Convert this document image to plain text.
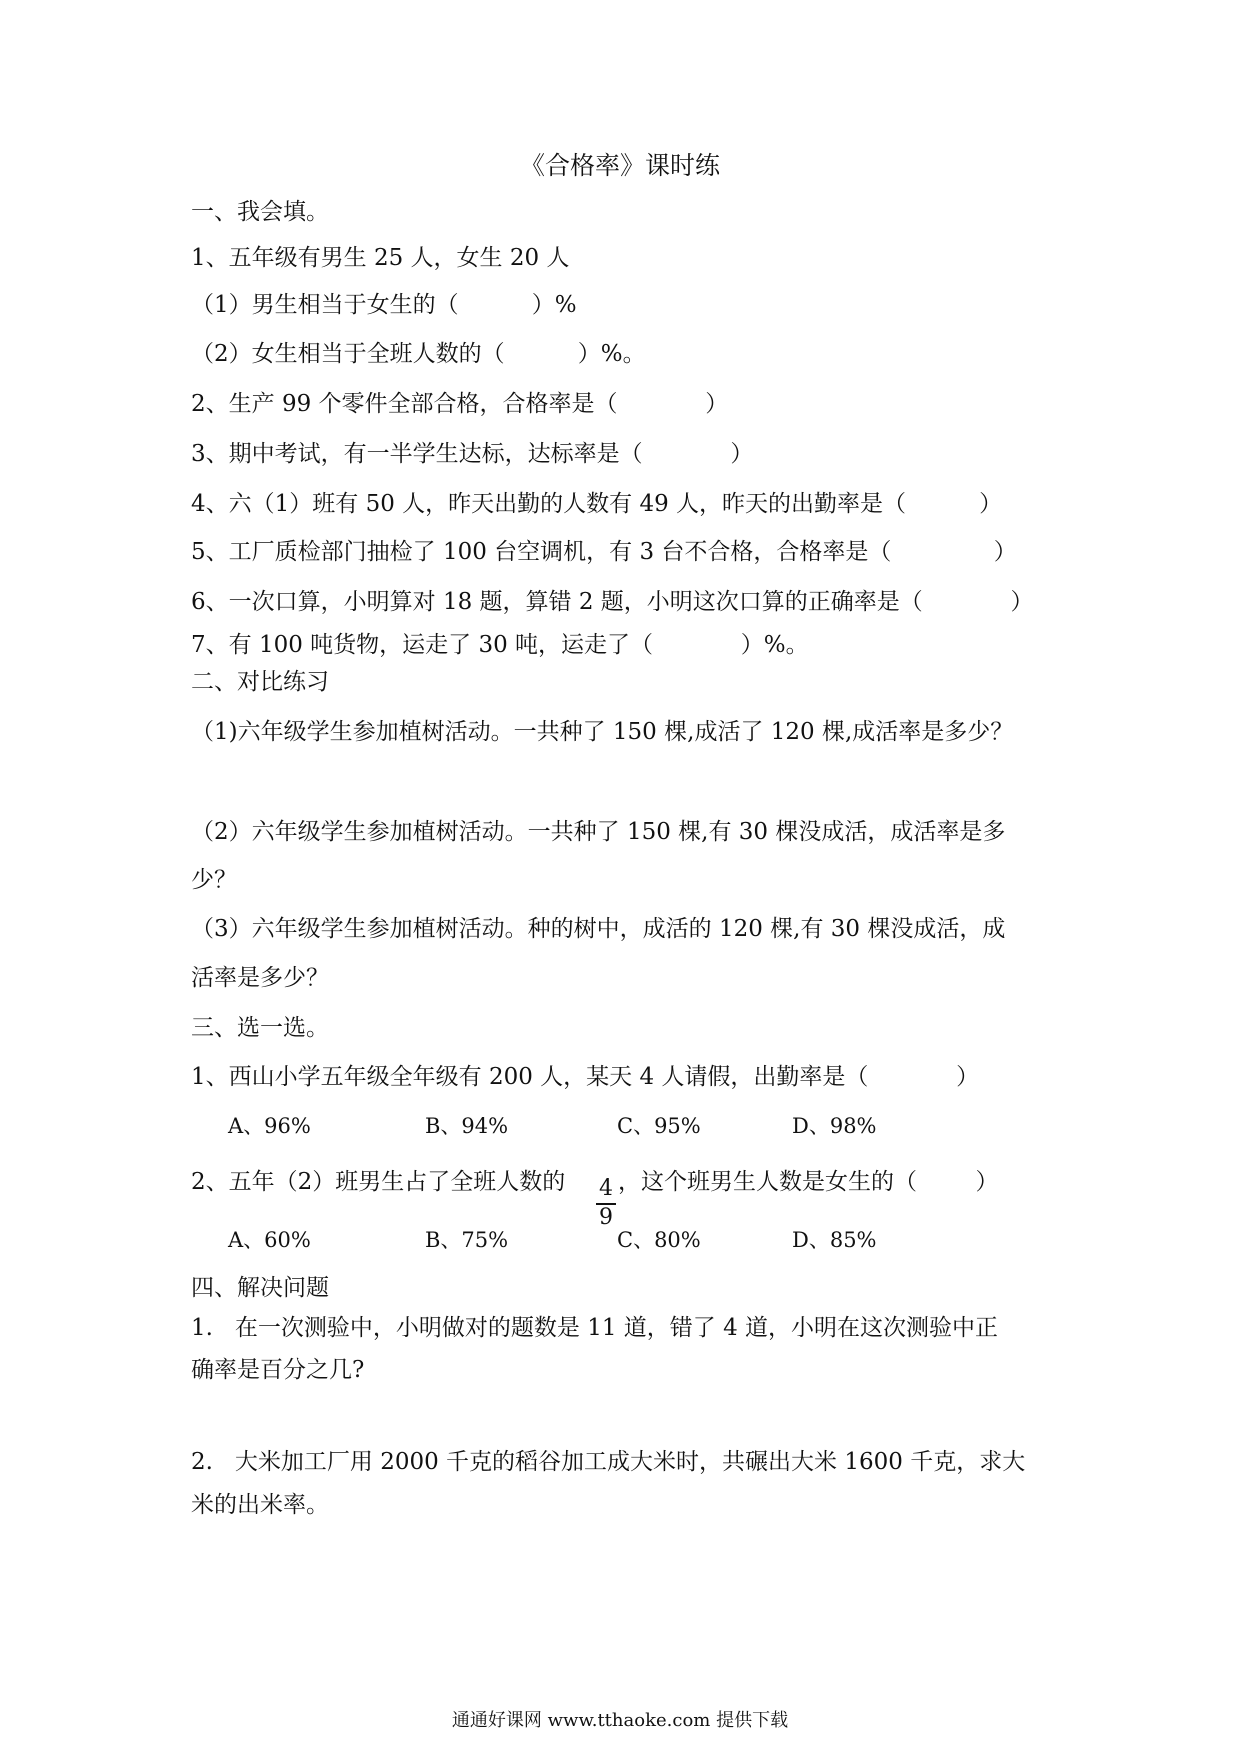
《合格率》课时练
一、我会填。
1、五年级有男生 25 人，女生 20 人
（1）男生相当于女生的（          ）%
（2）女生相当于全班人数的（          ）%。
2、生产 99 个零件全部合格，合格率是（            ）
3、期中考试，有一半学生达标，达标率是（            ）
4、六（1）班有 50 人，昨天出勤的人数有 49 人，昨天的出勤率是（          ）
5、工厂质检部门抽检了 100 台空调机，有 3 台不合格，合格率是（              ）
6、一次口算，小明算对 18 题，算错 2 题，小明这次口算的正确率是（            ）
7、有 100 吨货物，运走了 30 吨，运走了（            ）%。
二、对比练习
（1)六年级学生参加植树活动。一共种了 150 棵,成活了 120 棵,成活率是多少？
（2）六年级学生参加植树活动。一共种了 150 棵,有 30 棵没成活，成活率是多
少？
（3）六年级学生参加植树活动。种的树中，成活的 120 棵,有 30 棵没成活，成
活率是多少？
三、选一选。
1、西山小学五年级全年级有 200 人，某天 4 人请假，出勤率是（            ）
A、96%	B、94%	C、95%	D、98%
2、五年（2）班男生占了全班人数的 4
9
，这个班男生人数是女生的（        ）
A、60%	B、75%	C、80%	D、85%
四、解决问题
1.   在一次测验中，小明做对的题数是 11 道，错了 4 道，小明在这次测验中正
确率是百分之几?
2.   大米加工厂用 2000 千克的稻谷加工成大米时，共碾出大米 1600 千克，求大
米的出米率。
通通好课网 www.tthaoke.com 提供下载
